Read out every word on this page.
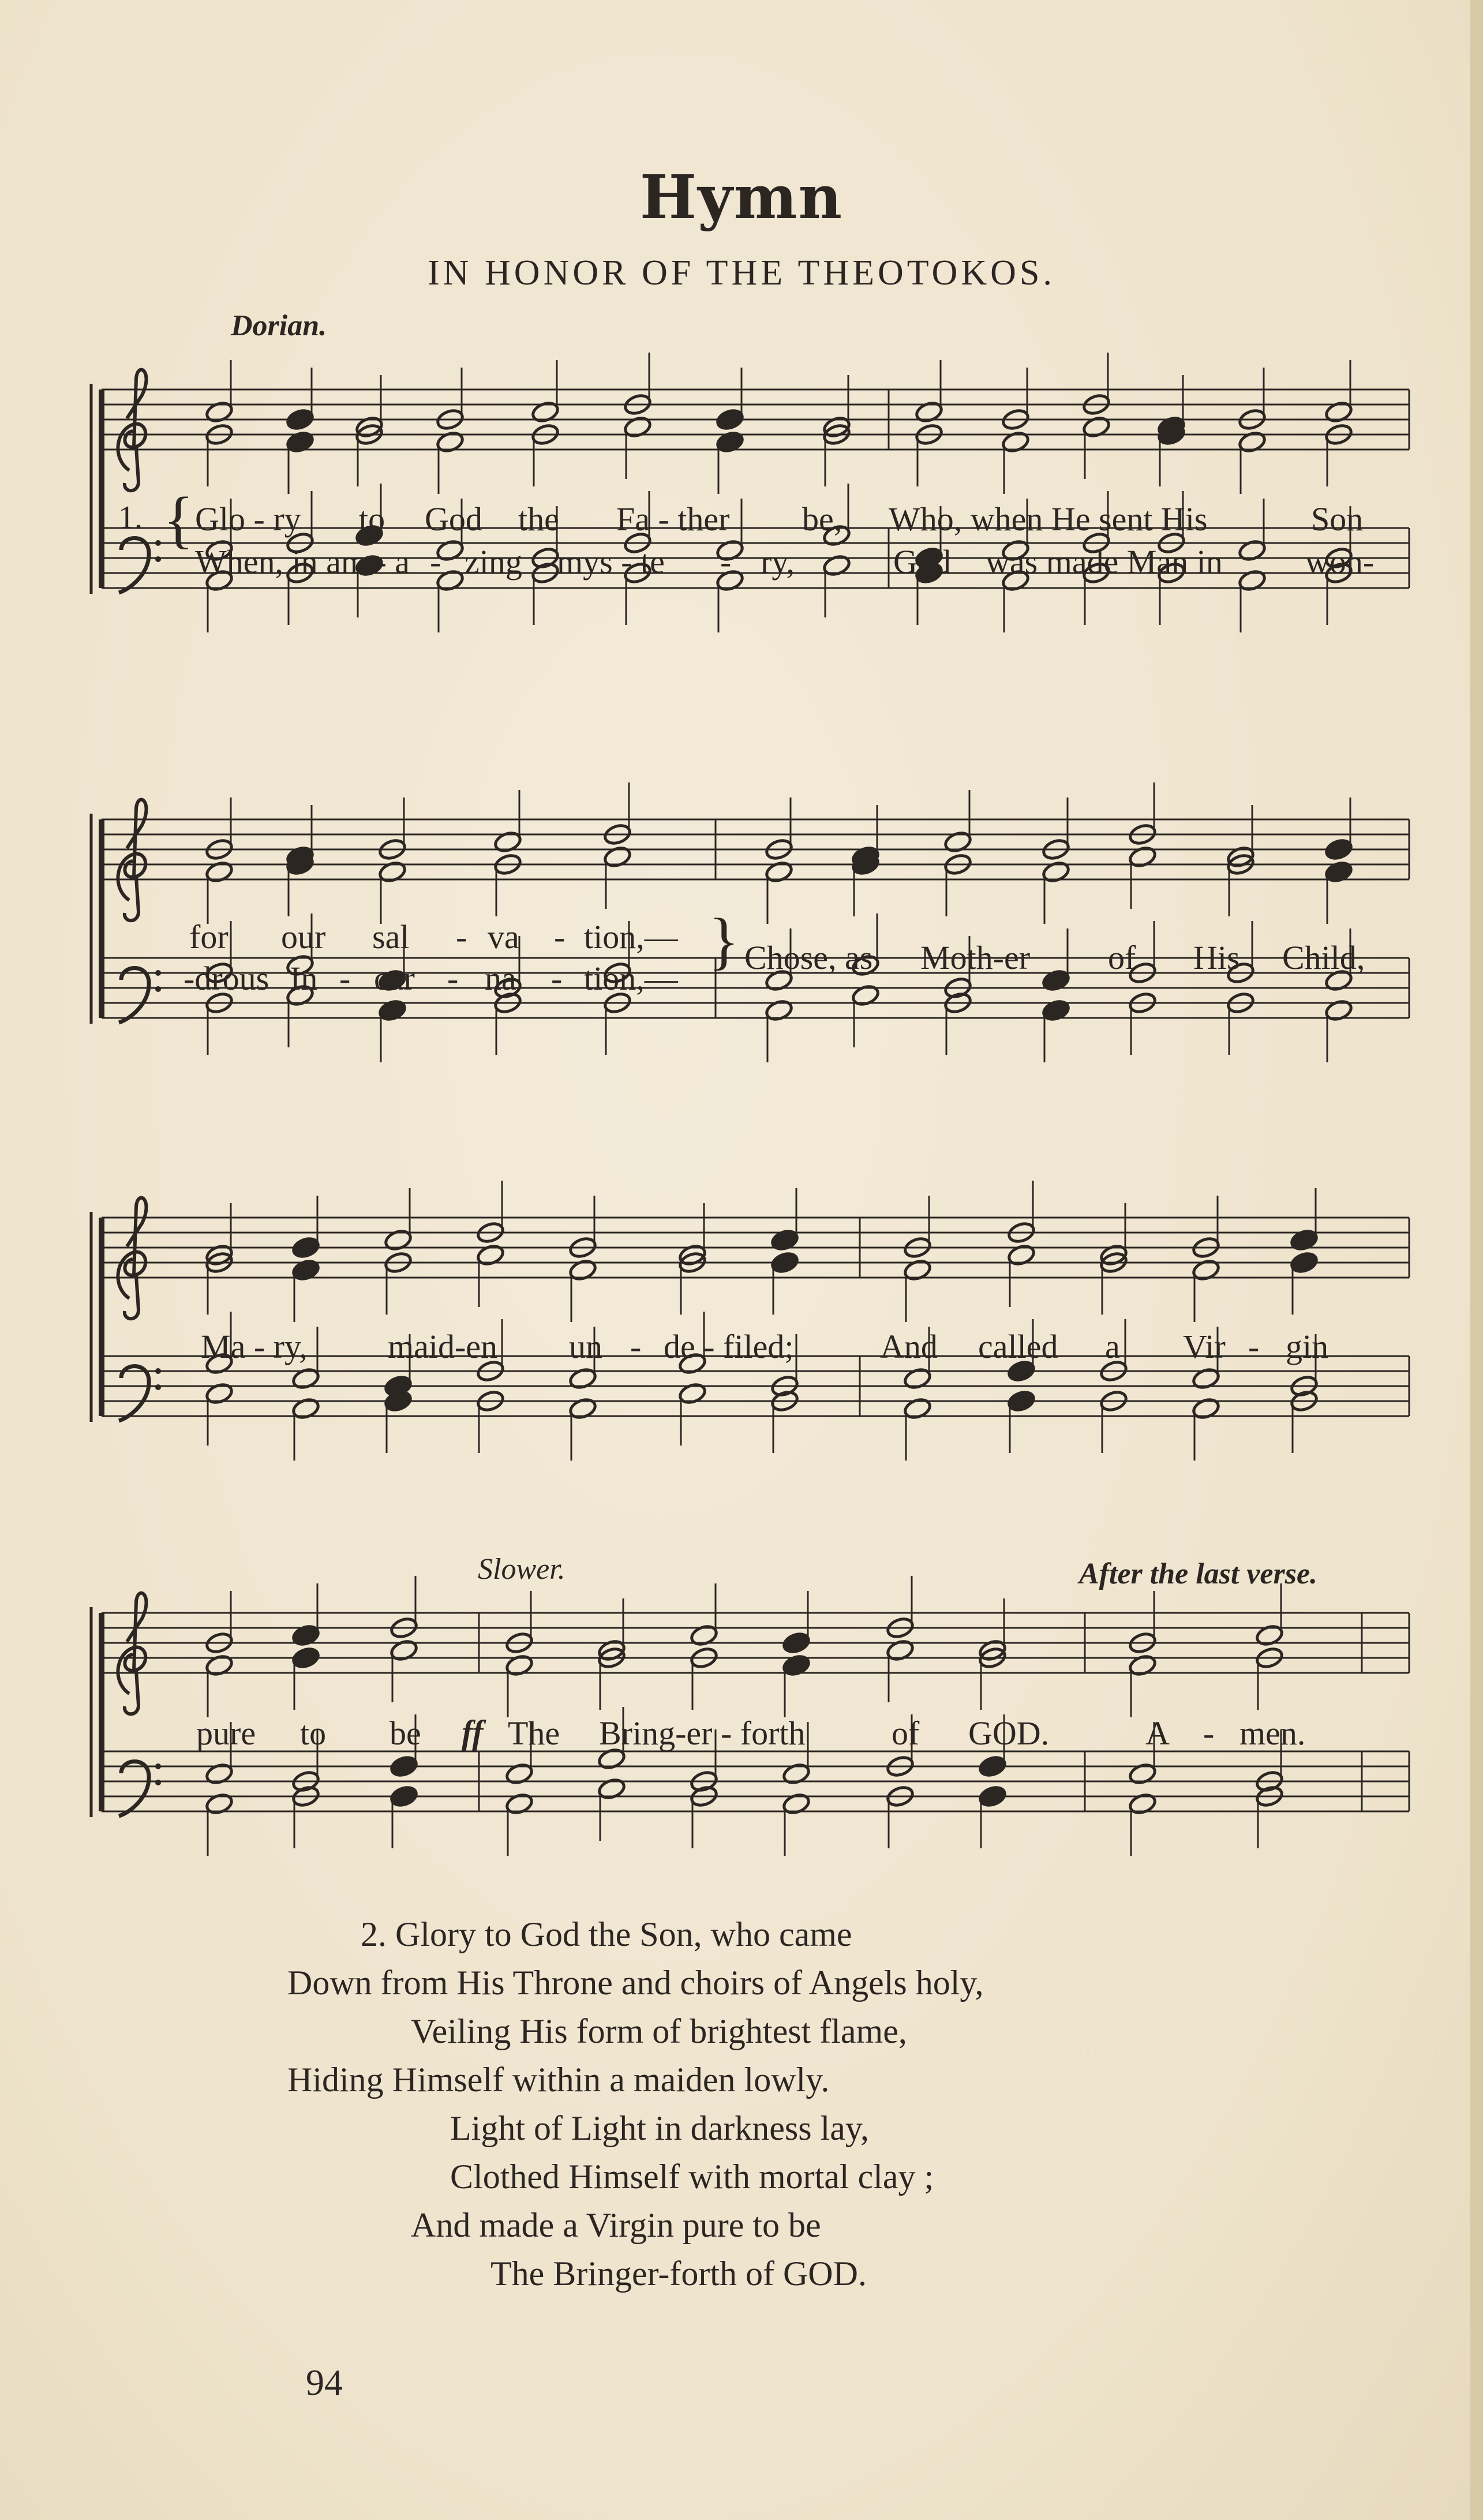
Hymn
IN HONOR OF THE THEOTOKOS.
Dorian.
1. { Glo - ry to God the Fa - ther be, Who, when He sent His	Son
When, in am - a - zing mys - te - ry,	God was made Man in won-
for our sal - va - tion,—
-drous In - car - na - tion,—
} Chose, as Moth-er of His Child,
Ma - ry, maid-en un - de - filed;	And called a Vir - gin
Slower.	After the last verse.
pure to be ff The Bring-er - forth	of GOD.	A - men.
2. Glory to God the Son, who came
Down from His Throne and choirs of Angels holy,
Veiling His form of brightest flame,
Hiding Himself within a maiden lowly.
Light of Light in darkness lay,
Clothed Himself with mortal clay ;
And made a Virgin pure to be
The Bringer-forth of GOD.
94
